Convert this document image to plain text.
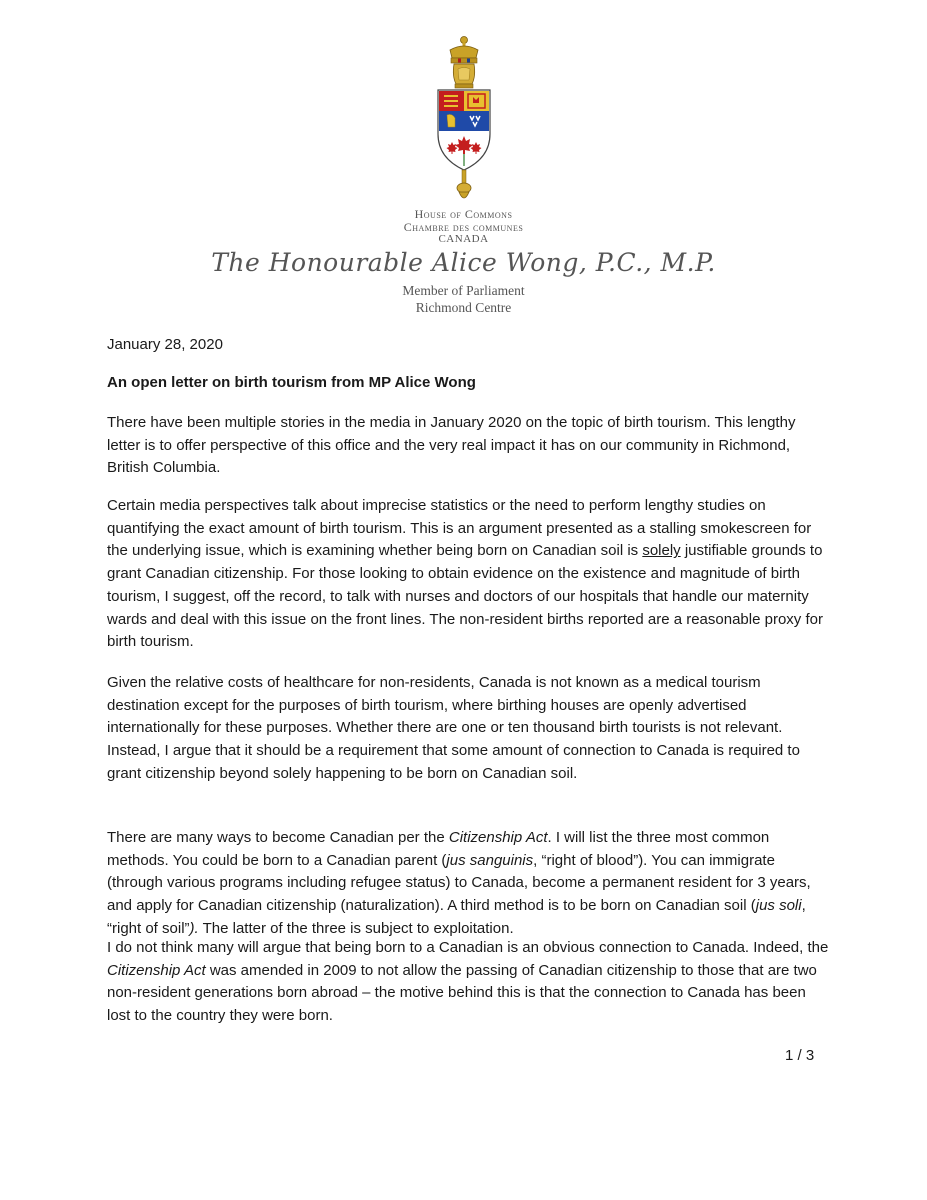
House of Commons
Chambre des communes
CANADA
The Honourable Alice Wong, P.C., M.P.
Member of Parliament
Richmond Centre
January 28, 2020
An open letter on birth tourism from MP Alice Wong

There have been multiple stories in the media in January 2020 on the topic of birth tourism. This lengthy letter is to offer perspective of this office and the very real impact it has on our community in Richmond, British Columbia.

Certain media perspectives talk about imprecise statistics or the need to perform lengthy studies on quantifying the exact amount of birth tourism. This is an argument presented as a stalling smokescreen for the underlying issue, which is examining whether being born on Canadian soil is solely justifiable grounds to grant Canadian citizenship. For those looking to obtain evidence on the existence and magnitude of birth tourism, I suggest, off the record, to talk with nurses and doctors of our hospitals that handle our maternity wards and deal with this issue on the front lines. The non-resident births reported are a reasonable proxy for birth tourism.

Given the relative costs of healthcare for non-residents, Canada is not known as a medical tourism destination except for the purposes of birth tourism, where birthing houses are openly advertised internationally for these purposes. Whether there are one or ten thousand birth tourists is not relevant. Instead, I argue that it should be a requirement that some amount of connection to Canada is required to grant citizenship beyond solely happening to be born on Canadian soil.

There are many ways to become Canadian per the Citizenship Act. I will list the three most common methods. You could be born to a Canadian parent (jus sanguinis, “right of blood”). You can immigrate (through various programs including refugee status) to Canada, become a permanent resident for 3 years, and apply for Canadian citizenship (naturalization). A third method is to be born on Canadian soil (jus soli, “right of soil”). The latter of the three is subject to exploitation.

I do not think many will argue that being born to a Canadian is an obvious connection to Canada. Indeed, the Citizenship Act was amended in 2009 to not allow the passing of Canadian citizenship to those that are two non-resident generations born abroad – the motive behind this is that the connection to Canada has been lost to the country they were born.

1 / 3
